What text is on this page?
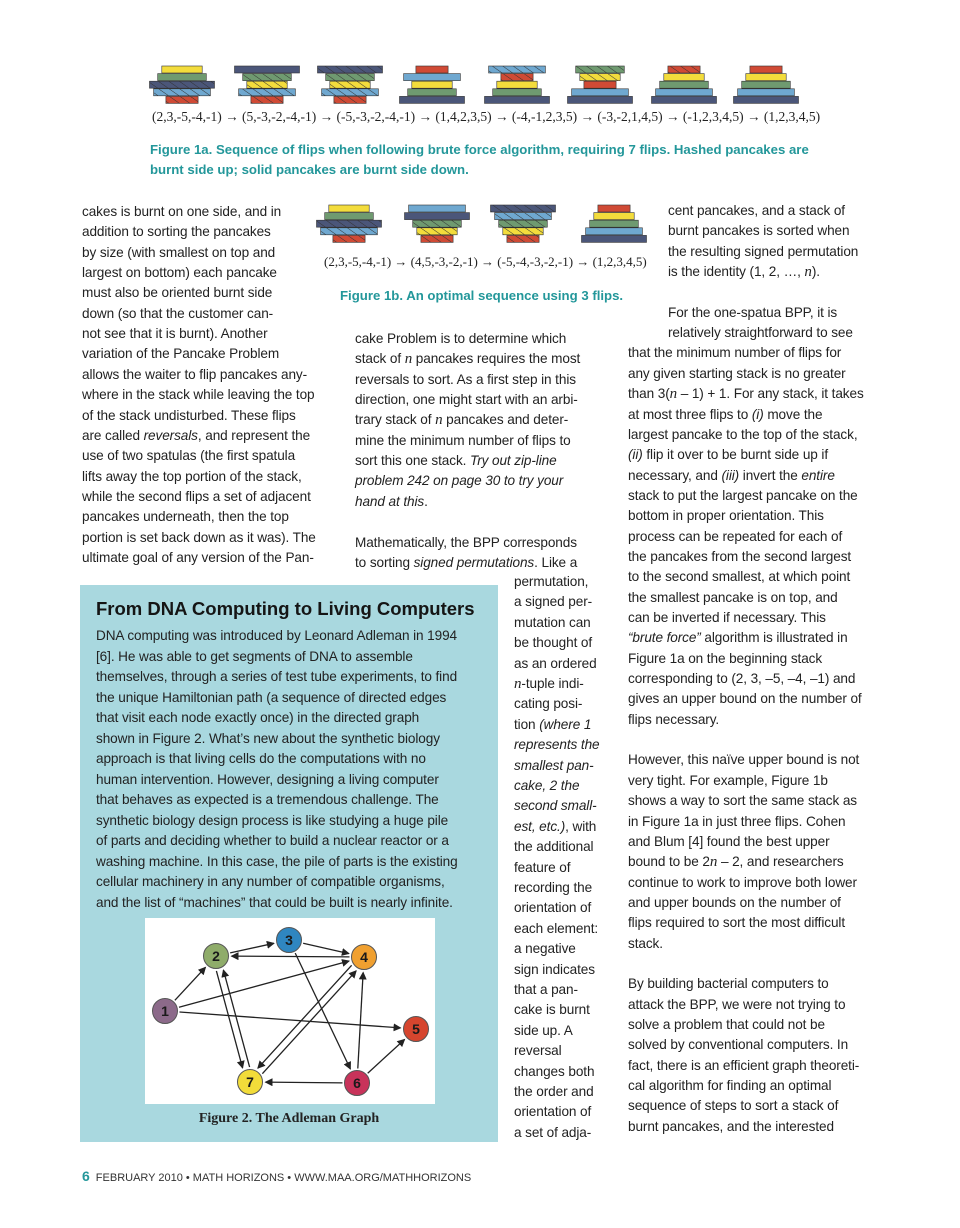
(2,3,-5,-4,-1) → (5,-3,-2,-4,-1) → (-5,-3,-2,-4,-1) → (1,4,2,3,5) → (-4,-1,2,3,5) → (-3,-2,1,4,5) → (-1,2,3,4,5) → (1,2,3,4,5)
Figure 1a. Sequence of flips when following brute force algorithm, requiring 7 flips. Hashed pancakes are
burnt side up; solid pancakes are burnt side down.
(2,3,-5,-4,-1) → (4,5,-3,-2,-1) → (-5,-4,-3,-2,-1) → (1,2,3,4,5)
Figure 1b. An optimal sequence using 3 flips.
cakes is burnt on one side, and in
addition to sorting the pancakes
by size (with smallest on top and
largest on bottom) each pancake
must also be oriented burnt side
down (so that the customer can-
not see that it is burnt). Another
variation of the Pancake Problem
allows the waiter to flip pancakes any-
where in the stack while leaving the top
of the stack undisturbed. These flips
are called reversals, and represent the
use of two spatulas (the first spatula
lifts away the top portion of the stack,
while the second flips a set of adjacent
pancakes underneath, then the top
portion is set back down as it was). The
ultimate goal of any version of the Pan-
cake Problem is to determine which
stack of n pancakes requires the most
reversals to sort. As a first step in this
direction, one might start with an arbi-
trary stack of n pancakes and deter-
mine the minimum number of flips to
sort this one stack. Try out zip-line
problem 242 on page 30 to try your
hand at this.
Mathematically, the BPP corresponds
to sorting signed permutations. Like a
permutation,
a signed per-
mutation can
be thought of
as an ordered
n-tuple indi-
cating posi-
tion (where 1
represents the
smallest pan-
cake, 2 the
second small-
est, etc.), with
the additional
feature of
recording the
orientation of
each element:
a negative
sign indicates
that a pan-
cake is burnt
side up. A
reversal
changes both
the order and
orientation of
a set of adja-
cent pancakes, and a stack of
burnt pancakes is sorted when
the resulting signed permutation
is the identity (1, 2, …, n).
For the one-spatua BPP, it is
relatively straightforward to see
that the minimum number of flips for
any given starting stack is no greater
than 3(n – 1) + 1. For any stack, it takes
at most three flips to (i) move the
largest pancake to the top of the stack,
(ii) flip it over to be burnt side up if
necessary, and (iii) invert the entire
stack to put the largest pancake on the
bottom in proper orientation. This
process can be repeated for each of
the pancakes from the second largest
to the second smallest, at which point
the smallest pancake is on top, and
can be inverted if necessary. This
“brute force” algorithm is illustrated in
Figure 1a on the beginning stack
corresponding to (2, 3, –5, –4, –1) and
gives an upper bound on the number of
flips necessary.
However, this naïve upper bound is not
very tight. For example, Figure 1b
shows a way to sort the same stack as
in Figure 1a in just three flips. Cohen
and Blum [4] found the best upper
bound to be 2n – 2, and researchers
continue to work to improve both lower
and upper bounds on the number of
flips required to sort the most difficult
stack.
By building bacterial computers to
attack the BPP, we were not trying to
solve a problem that could not be
solved by conventional computers. In
fact, there is an efficient graph theoreti-
cal algorithm for finding an optimal
sequence of steps to sort a stack of
burnt pancakes, and the interested
From DNA Computing to Living Computers
DNA computing was introduced by Leonard Adleman in 1994
[6]. He was able to get segments of DNA to assemble
themselves, through a series of test tube experiments, to find
the unique Hamiltonian path (a sequence of directed edges
that visit each node exactly once) in the directed graph
shown in Figure 2. What’s new about the synthetic biology
approach is that living cells do the computations with no
human intervention. However, designing a living computer
that behaves as expected is a tremendous challenge. The
synthetic biology design process is like studying a huge pile
of parts and deciding whether to build a nuclear reactor or a
washing machine. In this case, the pile of parts is the existing
cellular machinery in any number of compatible organisms,
and the list of “machines” that could be built is nearly infinite.
1
2
3
4
5
6
7
Figure 2. The Adleman Graph
6 FEBRUARY 2010 • MATH HORIZONS • WWW.MAA.ORG/MATHHORIZONS
